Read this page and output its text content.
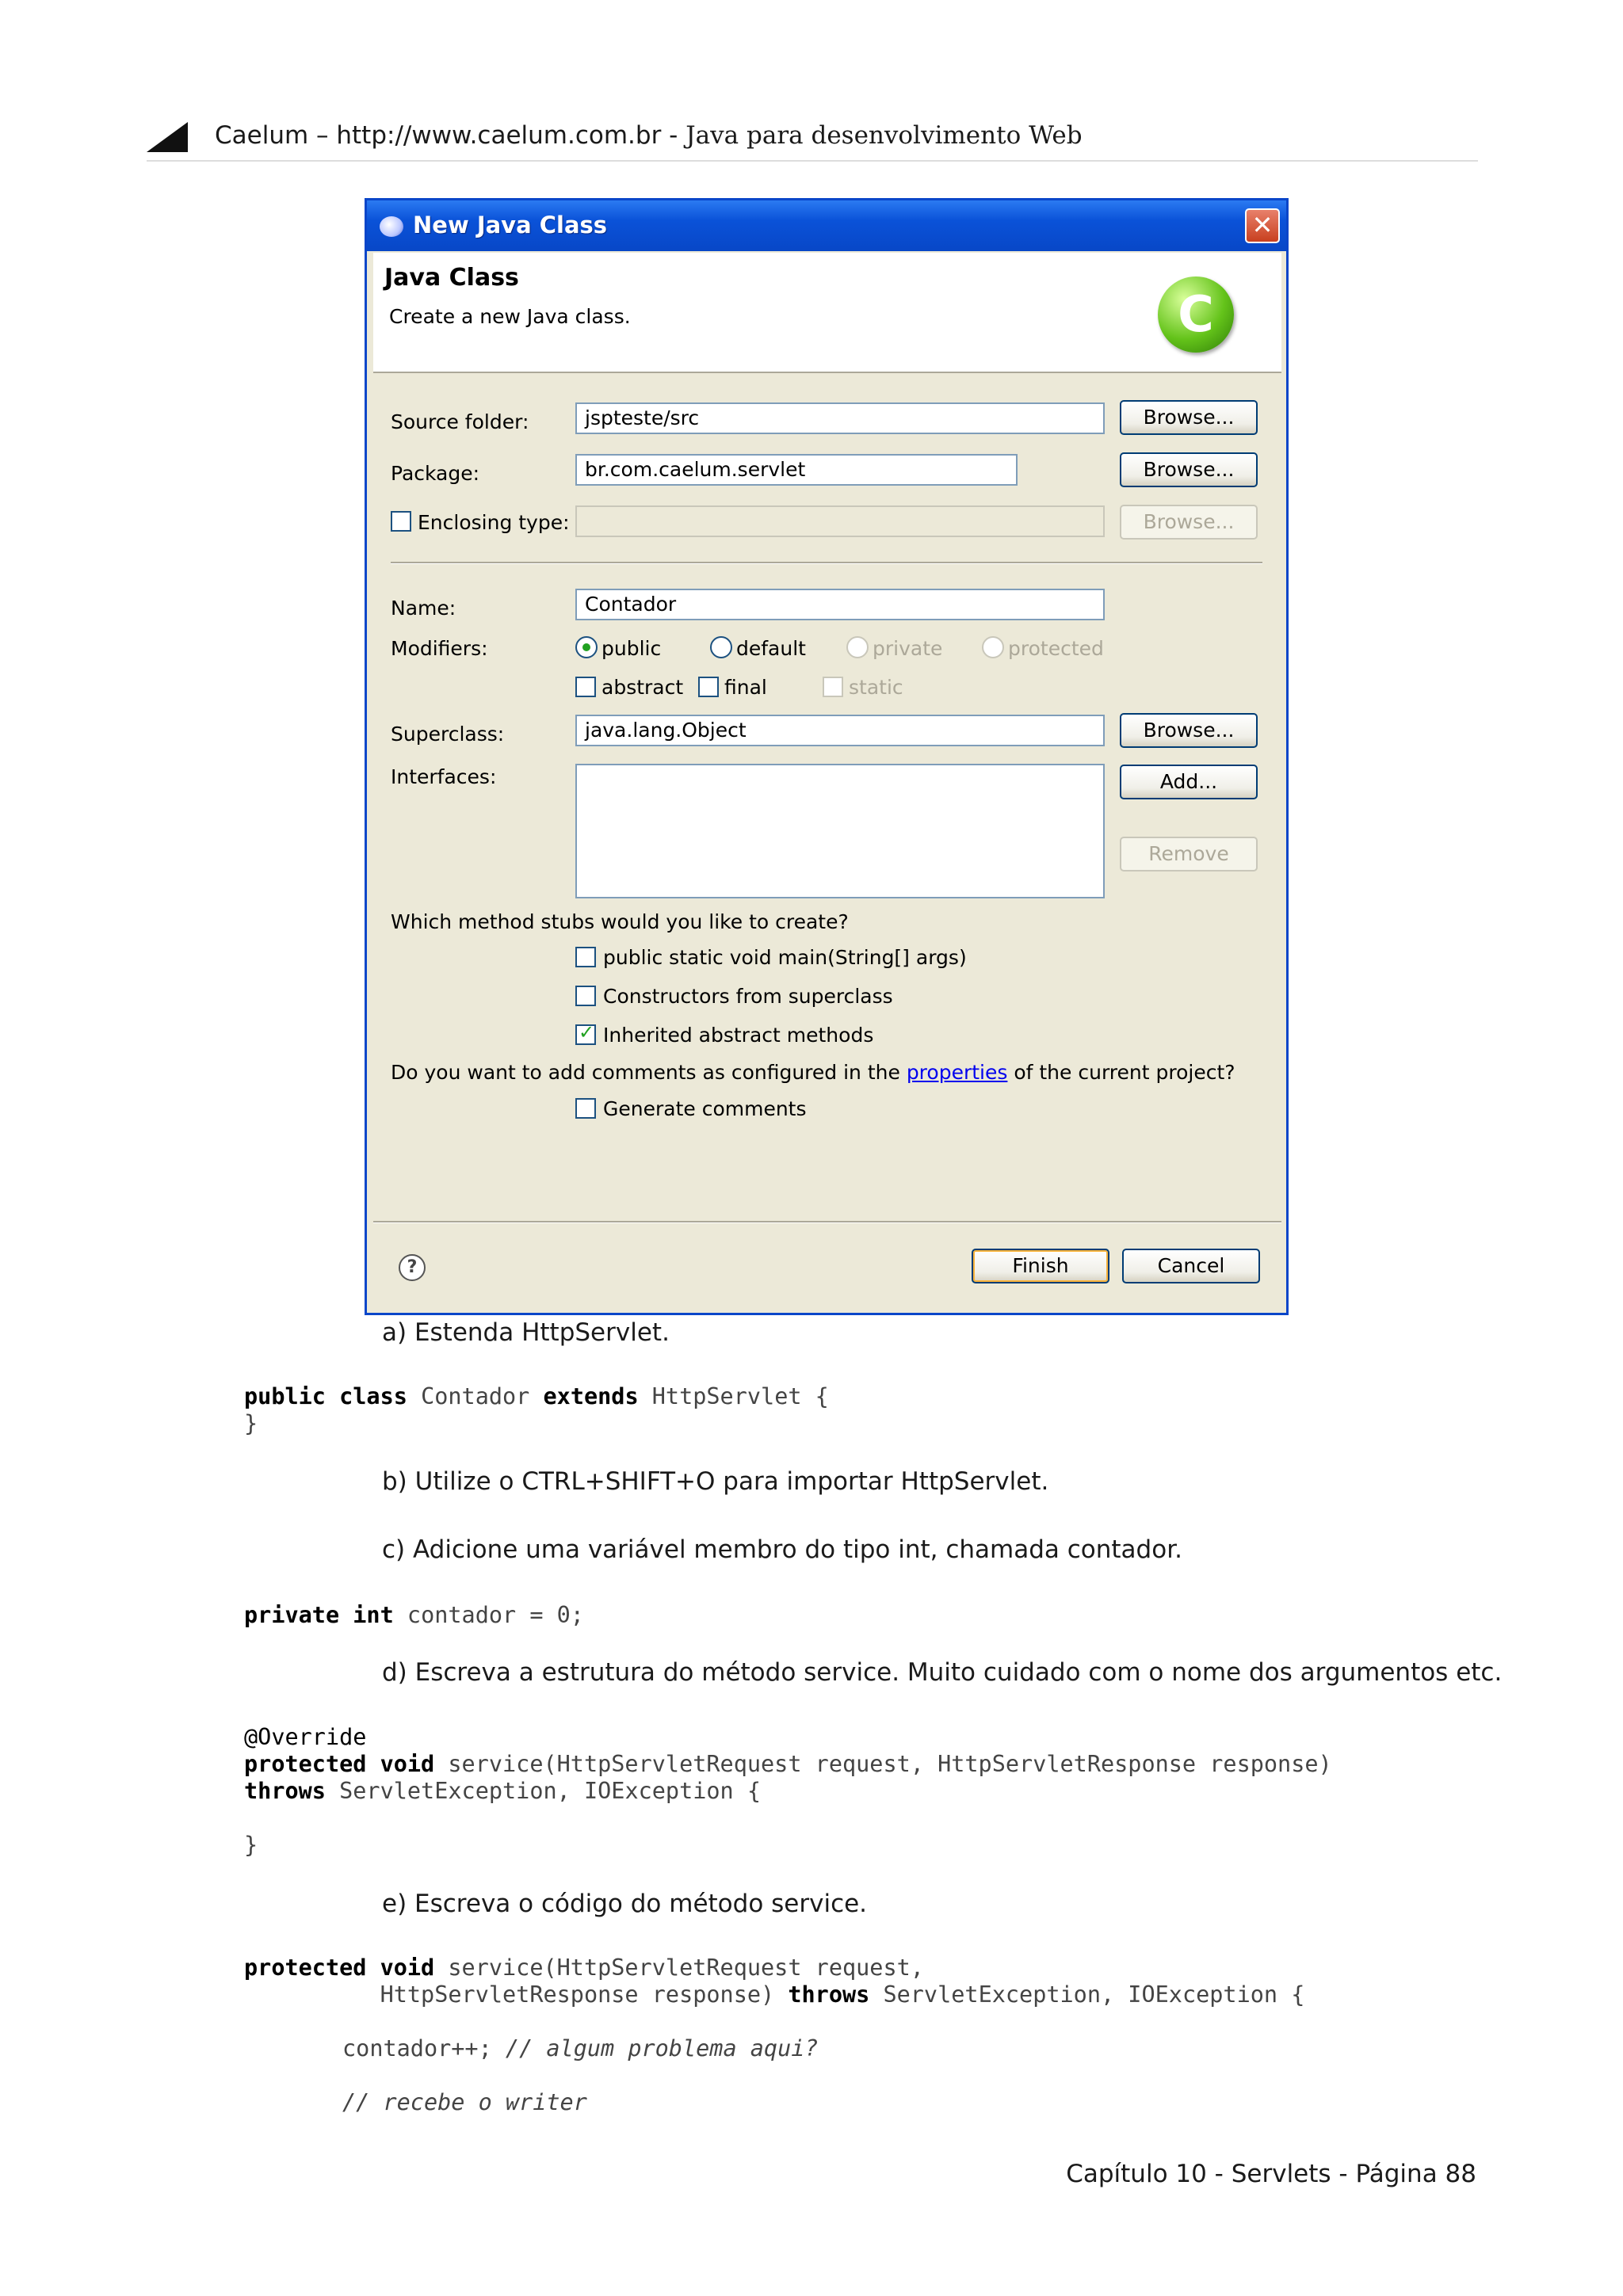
Caelum – http://www.caelum.com.br - Java para desenvolvimento Web
New Java Class	✕
Java Class
Create a new Java class.	C
Source folder:	jspteste/src	Browse...
Package:	br.com.caelum.servlet	Browse...
Enclosing type:	Browse...
Name:	Contador
Modifiers:	public	default	private	protected
abstract final	static
Superclass:	java.lang.Object	Browse...
Interfaces:	Add...
Remove
Which method stubs would you like to create?
public static void main(String[] args)
Constructors from superclass
✓
Inherited abstract methods
Do you want to add comments as configured in the properties of the current project?
Generate comments
?	Finish	Cancel
a) Estenda HttpServlet.
public class Contador extends HttpServlet {
}
b) Utilize o CTRL+SHIFT+O para importar HttpServlet.
c) Adicione uma variável membro do tipo int, chamada contador.
private int contador = 0;
d) Escreva a estrutura do método service. Muito cuidado com o nome dos argumentos etc.
@Override
protected void service(HttpServletRequest request, HttpServletResponse response)
throws ServletException, IOException {
}
e) Escreva o código do método service.
protected void service(HttpServletRequest request,
HttpServletResponse response) throws ServletException, IOException {
contador++; // algum problema aqui?
// recebe o writer
Capítulo 10 - Servlets - Página 88
